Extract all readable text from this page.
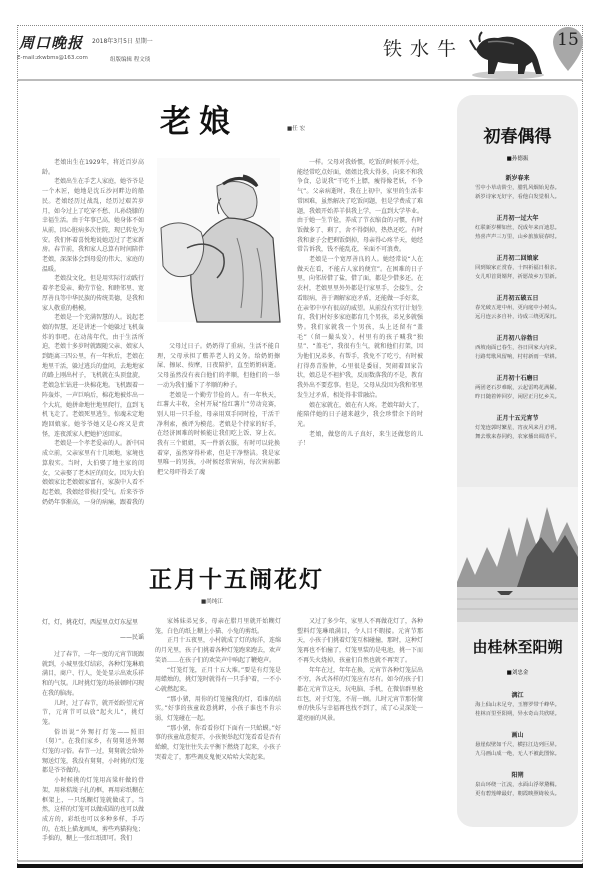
周口晚报 2018年3月5日 星期一
E-mail:zkwbms@163.com	组版编辑 程文琰	铁水牛	15
老娘	■任 宏

老娘出生在1929年，将近百岁高龄。

老娘出生在手艺人家庭，她爷爷是一个木匠，她地是沈丘沙河畔边的船民。老娘经历过战乱，经历过艰苦岁月，如今过上了吃穿不愁、儿孙绕膝的幸福生活。由于年事已高，她身体不如从前，因心脏病多次住院，现已转危为安。我们怀着喜悦地说她迈过了老家新房。春节前，我和家人总算有时间陪伴老娘，深深体会到母爱的伟大、家庭的温暖。

老娘没文化，但是用实际行动践行着孝老爱亲、勤劳节俭、和睦邻里、宽厚善良等中华民族的传统美德，是我和家人敬重的楷模。

老娘是一个充满智慧的人。说起老娘的智慧，还是讲述一个她躲过飞机轰炸的事吧。在动荡年代，由于生活所迫，老娘十多岁时就跟随父亲、娘家人到距离三四公里，有一年秋后，老娘在地里干活，躲过逃兵的盘问，去地地家的路上刚出村子，飞机就在头顶盘旋，老娘急忙钻进一块棉花地。飞机跟着一阵轰炸，一声巨响后，棉花地被炸出一个大坑，她拼命地往地里爬行，直到飞机飞走了。老娘死里逃生，惊魂未定地跑回娘家。她爷爷她又是心疼又是责怪，连夜派家人把她护送回家。

老娘是一个孝老爱亲的人。新中国成立前，父亲家里有十几顷地，家境也算殷实。当时，大伯娶了地主家的闺女，父亲娶了老木匠的闺女。因为大伯娘娘家比老娘娘家富有，家族中人看不起老娘，我娘经常挨打受气。后来爷爷奶奶年事渐高，一身的病痛，跟着我的

父母过日子。奶奶得了重病，生活不能自理，父母承担了赡养老人的义务。给奶奶擦屎、擦尿、按摩，日夜陪护，直至奶奶病逝。父母虽然没有表白他们的孝顺，但他们的一举一动为我们播下了孝顺的种子。

老娘是一个勤劳节俭的人。有一年秋天，红薯大丰收，全村开展“捡红薯片”劳动竞赛，别人用一只手捡，母亲用双手同时捡，干活干净利索，被评为模范。老娘是个持家的好手，在经济困难的时候能让我们吃上饭、穿上衣。我有三个姐姐，买一件新衣服，有时可以轮换着穿，虽然穿得朴素，但是干净整洁。我是家里唯一的男孩，小时候经常害病，每次害病都把父母吓得丢了魂

一样。父母对我娇惯，吃饭的时候开小灶，能经常吃点好面，姐姐比我大得多，向来不和我争食，总说我“干吃不上膘，瘦得像老妖，不争气”。父亲病逝时，我在上初中，家里的生活非常困难，虽然解决了吃饭问题，但是学费成了难题，我娘开始养羊供我上学，一直到大学毕业。由于她一生节俭，养成了节衣缩食的习惯，有时饭做多了、剩了，舍不得倒掉，热热还吃。有时我和妻子会把剩饭倒掉，母亲得心疼半天，她经常告诉我，钱不能乱花，米面不可浪费。

老娘是一个宽厚善良的人。她经常说“人在做天在看，不能占人家的便宜”。在困难的日子里，向邻居借了盐，借了面，都是少借多还。在农村，老娘里里外外都是行家里手，会接生，会看眼病，善于调解家庭矛盾，还能做一手好菜，在亲邻中享有很高的威望。从前没有实行计划生育，我们村好多家庭都育几个男孩，弟兄多就强势。我们家就我一个男孩，头上还留有“盖毛”（留一撮头发），村里有的孩子喊我“独星”、“盖毛”，我很有生气，就和他们打架，因为他们兄弟多，有帮手，我免不了吃亏，有时被打得鼻青脸肿，心里很是委屈，哭闹着回家告状，娘总是不袒护我，反而数落我的不是，教育我外出不要惹事。但是，父母从没因为我和邻里发生过矛盾，相处得非常融洽。

娘在家就在，娘在有人疼。老娘年龄大了，能陪伴她的日子越来越少，我会珍惜余下的时光。

老娘，做您的儿子真好，来生还做您的儿子！

正月十五闹花灯
■尚纯江
灯，灯，挑花灯，西屋里点灯东屋里
——民谣

过了春节，一年一度的元宵节既跟就到，小城里张灯结彩，各种灯笼琳琅满目，商户、行人，处处显示出欢乐祥和的气氛。儿时挑灯笼的场景顿时闪现在我的脑海。

儿时，过了春节，就开始盼望元宵节，元宵节可以放“起火儿”，挑灯笼。

俗语说“外甥打灯笼——照旧（舅）”。在我们家乡，有舅舅送外甥灯笼的习俗。春节一过，舅舅就会给外甥送灯笼，我没有舅舅，小时挑的灯笼都是爷爷做的。

小时候挑的灯笼用高粱秆做的骨架，用秫秸篾子扎的框，再用彩纸糊在框架上，一只纸糊灯笼就做成了。当然，这样的灯笼可以做成圆的也可以做成方的，彩纸也可以多种多样，手巧的，在纸上描龙画凤，剪些鸡猫狗兔；手拙的，糊上一张红纸即可。我们

家姊妹弟兄多，母亲在腊月里就开始糊灯笼，白色的纸上糊上小猫、小兔的剪纸。

正月十五夜里，小村就成了灯的海洋，连绵的月光里，孩子们挑着各种灯笼跑来跑去，欢声笑语……在孩子们的欢笑声中响起了鞭炮声。

“灯笼灯笼，正月十五大堆。”要是有灯笼是用蜡烛的，挑灯笼时就得有一只手护着，一不小心就燃起来。

“那小猪，用你的灯笼撞我的灯，看谁的结实。”好事的孩童故意挑衅，小孩子谁也不肯示弱，灯笼碰在一起。

“那小猪，你看看你灯下面有一只蛤蟆。”好事的孩童故意捉弄，小孩便举起灯笼看看是否有蛤蟆，灯笼往往失去平衡下燃烧了起来，小孩子哭着走了，那些调皮鬼便又哈哈大笑起来。

又过了多少年，家里人不再做花灯了，各种塑料灯笼琳琅满目，令人目不暇接。元宵节那天，小孩子们挑着灯笼互相碰撞，那时，这种灯笼再也不怕撞了，灯笼里装的是电池，挑一下而不再失火烧掉，孩童们自然也就不再哭了。

年年在过，年年在换，元宵节各种灯笼层出不穷，各式各样的灯笼应有尽有。如今的孩子们都在元宵节这天，玩电脑、手机，在微信群里抢红包，对于灯笼，不屑一顾。儿时元宵节那份简单的快乐与幸福再也找不到了，成了心灵深处一道亮丽的风景。

初春偶得
■孙德振
新岁春来
雪中小草动阶尘，腊乳风烟始见春。
新岁诗家无好字，看他白发觉相人。
正月初一过大年
红联新岁柳如丝，况成年来百迪思。
热喜声声三万里，山乡旅旅展春时。
正月初二回娘家
回到娘家正赏春，十四祈福日相亲。
女儿叩首贤婿拜，祈愿故乡万里新。
正月初五破五日
春光破五迎中州，更向庭中小树头。
远月连云多自补，诗成三绕更深沉。
正月初八谷勃日
西坡南面已春生，谷日回家大向荣。
行路莺歌风留响，村村新雨一犁耕。
正月初十石磨日
两团老石岁难眠，云起雷鸣花满稀。
昨日随着钟回岁，闲居正月忆乡关。
正月十五元宵节
灯笼连郭时繁星，宵夜风来月正明。
舞去歌来春同约，农家播出调清平。
由桂林至阳朔
■刘忠金
漓江
海上仙山未足夸，玉簪罗带千峰华。
桂林百里至阳朔，异水奇山共欣嗟。
画山
悬崖似壁如千尺，横拄江边列巨屏。
九马画山成一绝，无人不被此图惊。
阳朔
泉山环绕一江流，水面山浮翠黛稠。
更有碧莲峰最好，朝霞映照绮妆头。
